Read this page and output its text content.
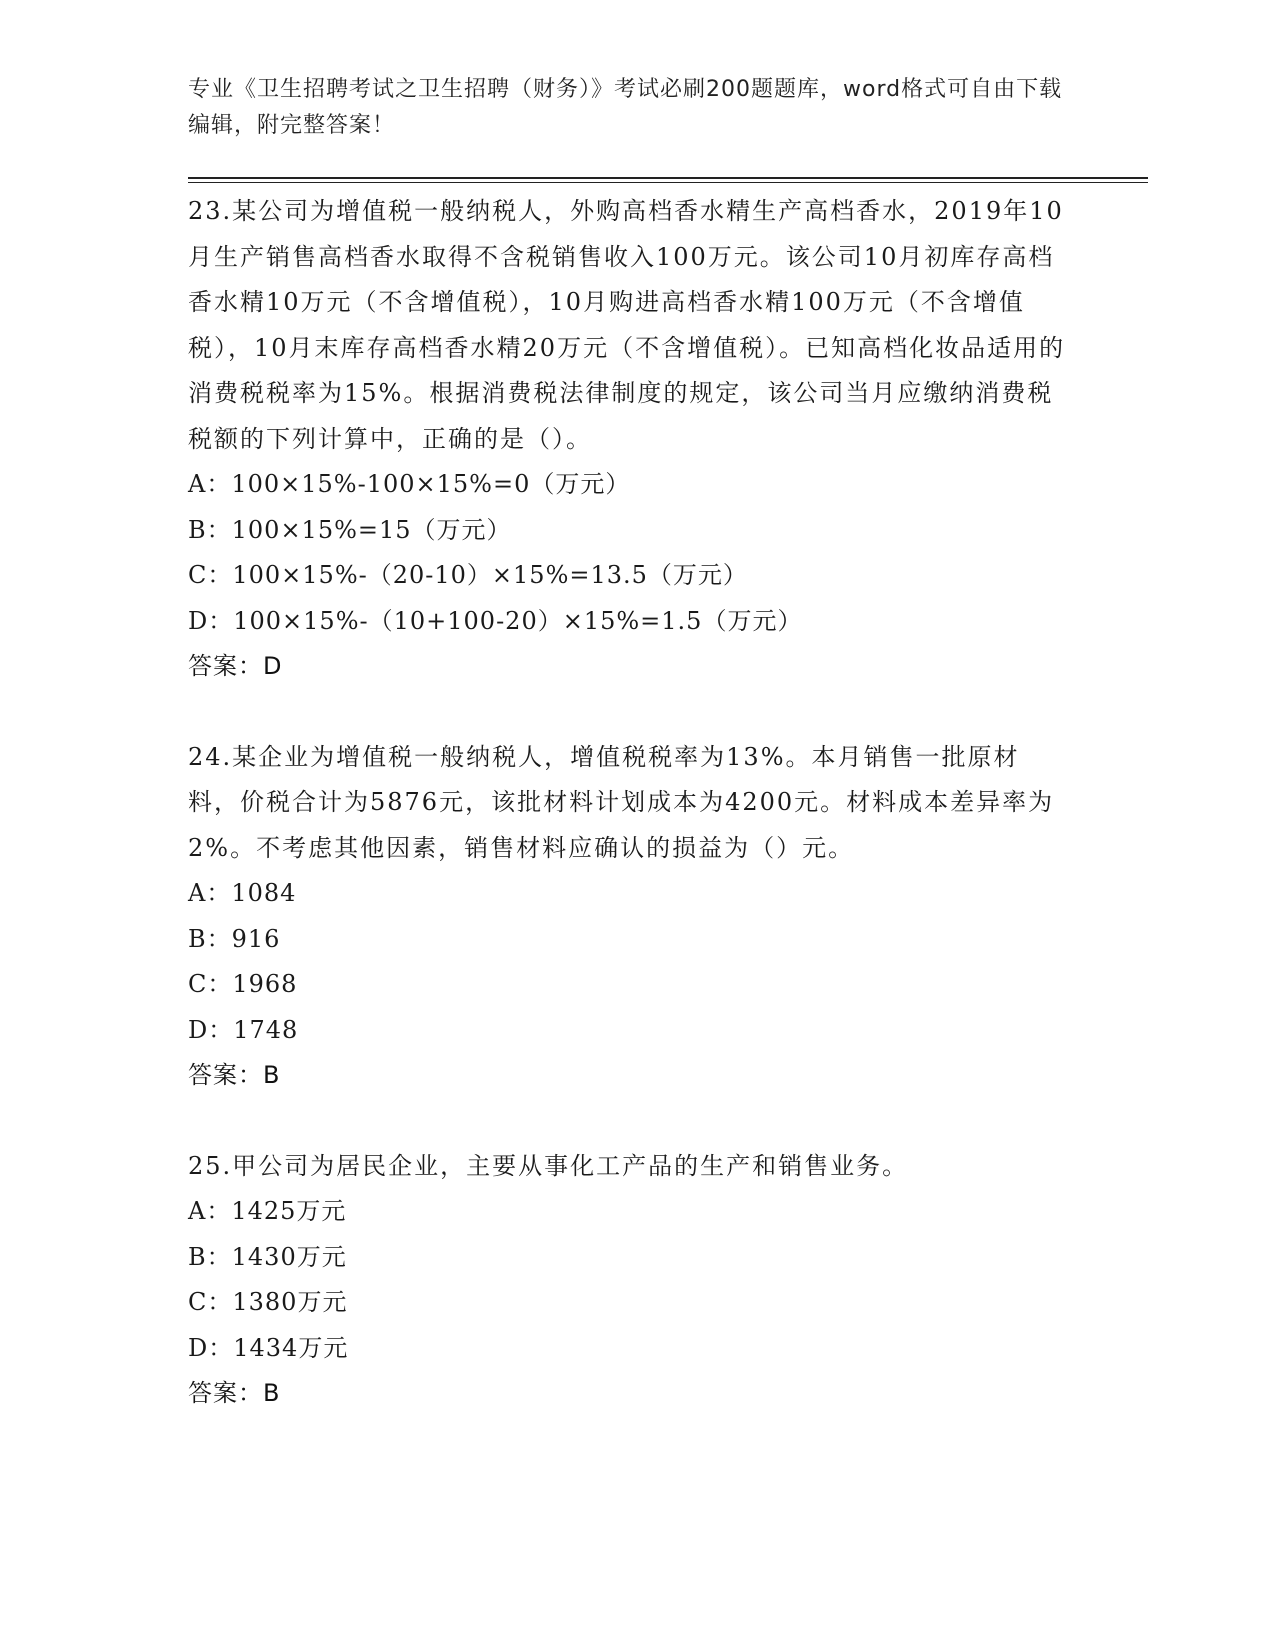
专业《卫生招聘考试之卫生招聘（财务）》考试必刷200题题库，word格式可自由下载编辑，附完整答案！

23.某公司为增值税一般纳税人，外购高档香水精生产高档香水，2019年10月生产销售高档香水取得不含税销售收入100万元。该公司10月初库存高档香水精10万元（不含增值税），10月购进高档香水精100万元（不含增值税），10月末库存高档香水精20万元（不含增值税）。已知高档化妆品适用的消费税税率为15%。根据消费税法律制度的规定，该公司当月应缴纳消费税税额的下列计算中，正确的是（）。

A：100×15%-100×15%=0（万元）

B：100×15%=15（万元）

C：100×15%-（20-10）×15%=13.5（万元）

D：100×15%-（10+100-20）×15%=1.5（万元）

答案：D

24.某企业为增值税一般纳税人，增值税税率为13%。本月销售一批原材料，价税合计为5876元，该批材料计划成本为4200元。材料成本差异率为2%。不考虑其他因素，销售材料应确认的损益为（）元。

A：1084

B：916

C：1968

D：1748

答案：B

25.甲公司为居民企业，主要从事化工产品的生产和销售业务。

A：1425万元

B：1430万元

C：1380万元

D：1434万元

答案：B
